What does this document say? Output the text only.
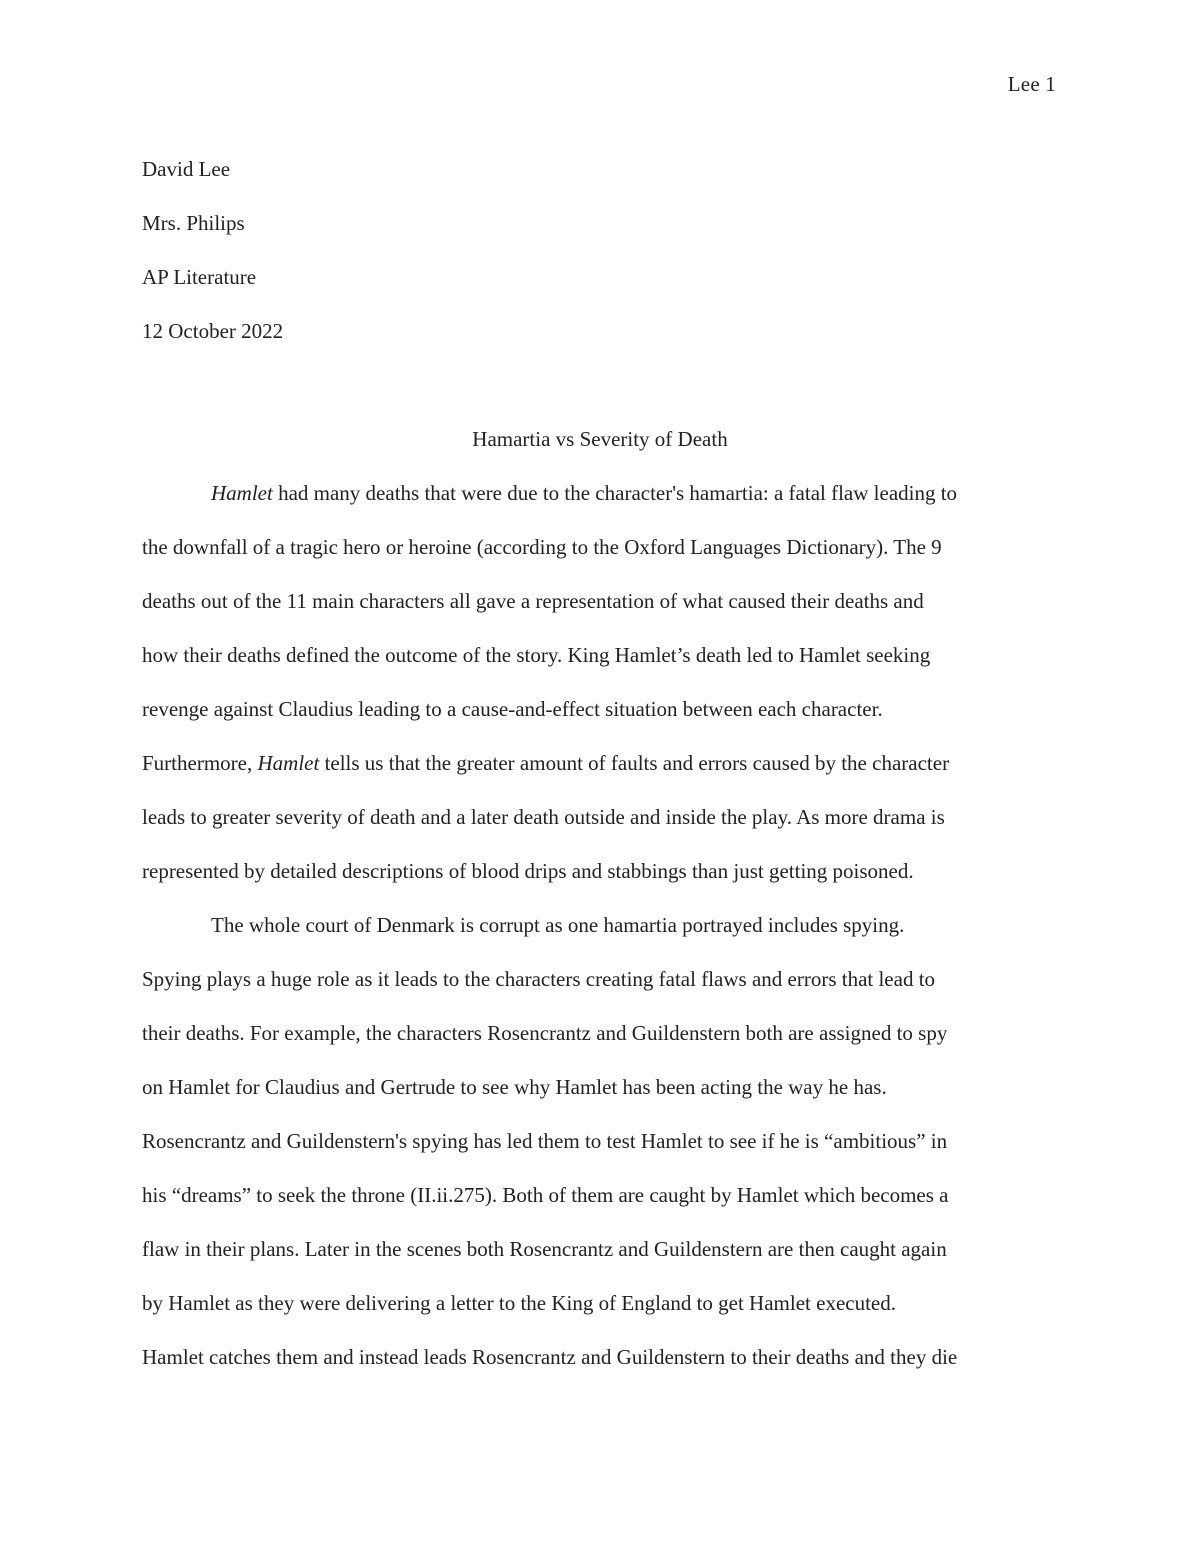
Lee 1

David Lee

Mrs. Philips

AP Literature

12 October 2022

Hamartia vs Severity of Death

Hamlet had many deaths that were due to the character's hamartia: a fatal flaw leading to

the downfall of a tragic hero or heroine (according to the Oxford Languages Dictionary). The 9

deaths out of the 11 main characters all gave a representation of what caused their deaths and

how their deaths defined the outcome of the story. King Hamlet’s death led to Hamlet seeking

revenge against Claudius leading to a cause-and-effect situation between each character.

Furthermore, Hamlet tells us that the greater amount of faults and errors caused by the character

leads to greater severity of death and a later death outside and inside the play. As more drama is

represented by detailed descriptions of blood drips and stabbings than just getting poisoned.

The whole court of Denmark is corrupt as one hamartia portrayed includes spying.

Spying plays a huge role as it leads to the characters creating fatal flaws and errors that lead to

their deaths. For example, the characters Rosencrantz and Guildenstern both are assigned to spy

on Hamlet for Claudius and Gertrude to see why Hamlet has been acting the way he has.

Rosencrantz and Guildenstern's spying has led them to test Hamlet to see if he is “ambitious” in

his “dreams” to seek the throne (II.ii.275). Both of them are caught by Hamlet which becomes a

flaw in their plans. Later in the scenes both Rosencrantz and Guildenstern are then caught again

by Hamlet as they were delivering a letter to the King of England to get Hamlet executed.

Hamlet catches them and instead leads Rosencrantz and Guildenstern to their deaths and they die
